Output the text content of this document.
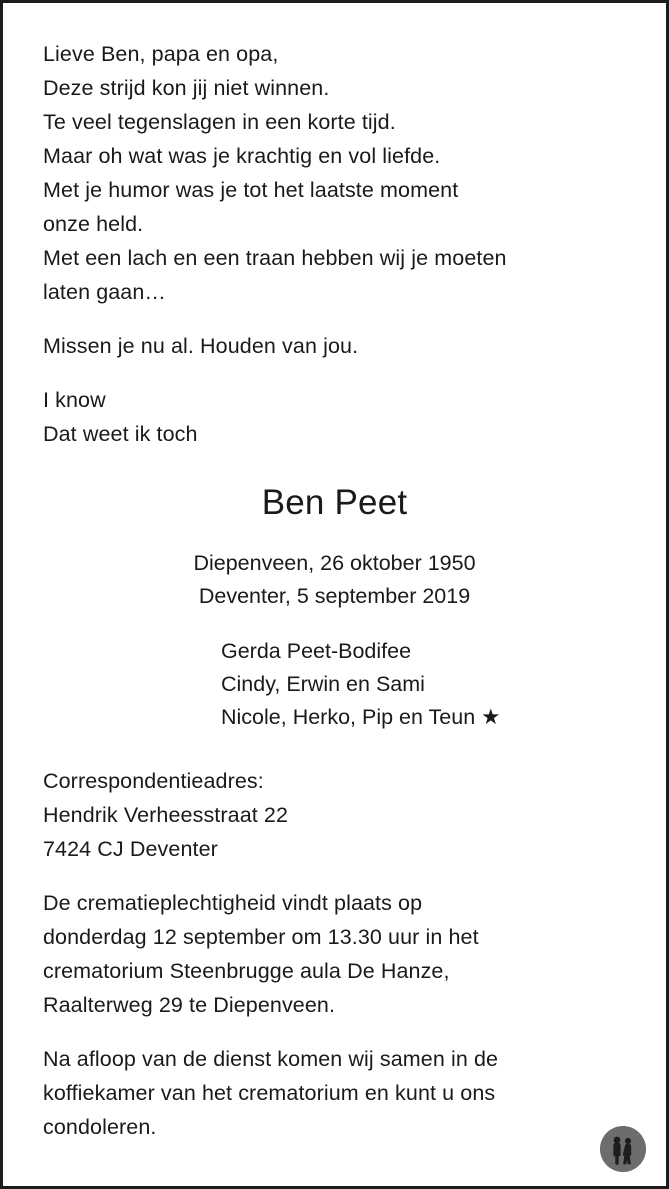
Lieve Ben, papa en opa,

Deze strijd kon jij niet winnen.

Te veel tegenslagen in een korte tijd.

Maar oh wat was je krachtig en vol liefde.

Met je humor was je tot het laatste moment

onze held.

Met een lach en een traan hebben wij je moeten

laten gaan…

Missen je nu al. Houden van jou.

I know

Dat weet ik toch

Ben Peet

Diepenveen, 26 oktober 1950

Deventer, 5 september 2019

Gerda Peet-Bodifee

Cindy, Erwin en Sami

Nicole, Herko, Pip en Teun ★

Correspondentieadres:

Hendrik Verheesstraat 22

7424 CJ Deventer

De crematieplechtigheid vindt plaats op

donderdag 12 september om 13.30 uur in het

crematorium Steenbrugge aula De Hanze,

Raalterweg 29 te Diepenveen.

Na afloop van de dienst komen wij samen in de

koffiekamer van het crematorium en kunt u ons

condoleren.
